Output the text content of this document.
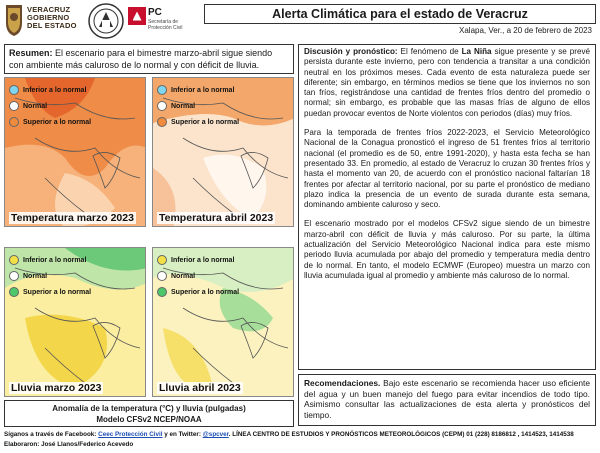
VERACRUZ
GOBIERNO
DEL ESTADO
PC
Secretaría de Protección Civil
Alerta Climática para el estado de Veracruz
Xalapa, Ver., a 20 de febrero de 2023
Resumen: El escenario para el bimestre marzo-abril sigue siendo con ambiente más caluroso de lo normal y con déficit de lluvia.
Inferior a lo normal
Normal
Superior a lo normal
Temperatura marzo 2023
Inferior a lo normal
Normal
Superior a lo normal
Temperatura abril 2023
Inferior a lo normal
Normal
Superior a lo normal
Lluvia marzo 2023
Inferior a lo normal
Normal
Superior a lo normal
Lluvia abril 2023
Anomalía de la temperatura (°C) y lluvia (pulgadas)
Modelo CFSv2 NCEP/NOAA

Discusión y pronóstico: El fenómeno de La Niña sigue presente y se prevé persista durante este invierno, pero con tendencia a transitar a una condición neutral en los próximos meses. Cada evento de esta naturaleza puede ser diferente; sin embargo, en términos medios se tiene que los inviernos no son tan fríos, registrándose una cantidad de frentes fríos dentro del promedio o normal; sin embargo, es probable que las masas frías de alguno de ellos puedan provocar eventos de Norte violentos con periodos (días) muy fríos.

Para la temporada de frentes fríos 2022-2023, el Servicio Meteorológico Nacional de la Conagua pronosticó el ingreso de 51 frentes fríos al territorio nacional (el promedio es de 50, entre 1991-2020), y hasta esta fecha se han presentado 33. En promedio, al estado de Veracruz lo cruzan 30 frentes fríos y hasta el momento van 20, de acuerdo con el pronóstico nacional faltarían 18 frentes por afectar al territorio nacional, por su parte el pronóstico de mediano plazo indica la presencia de un evento de surada durante esta semana, dominando ambiente caluroso y seco.

El escenario mostrado por el modelos CFSv2 sigue siendo de un bimestre marzo-abril con déficit de lluvia y más caluroso. Por su parte, la última actualización del Servicio Meteorológico Nacional indica para este mismo periodo lluvia acumulada por abajo del promedio y temperatura media dentro de lo normal. En tanto, el modelo ECMWF (Europeo) muestra un marzo con lluvia acumulada igual al promedio y ambiente más caluroso de lo normal.

Recomendaciones. Bajo este escenario se recomienda hacer uso eficiente del agua y un buen manejo del fuego para evitar incendios de todo tipo. Asimismo consultar las actualizaciones de esta alerta y pronósticos del tiempo.
Síganos a través de Facebook: Ceec Protección Civil y en Twitter: @spcver. LÍNEA CENTRO DE ESTUDIOS Y PRONÓSTICOS METEOROLÓGICOS (CEPM) 01 (228) 8186812 , 1414523, 1414538
Elaboraron: José Llanos/Federico Acevedo
